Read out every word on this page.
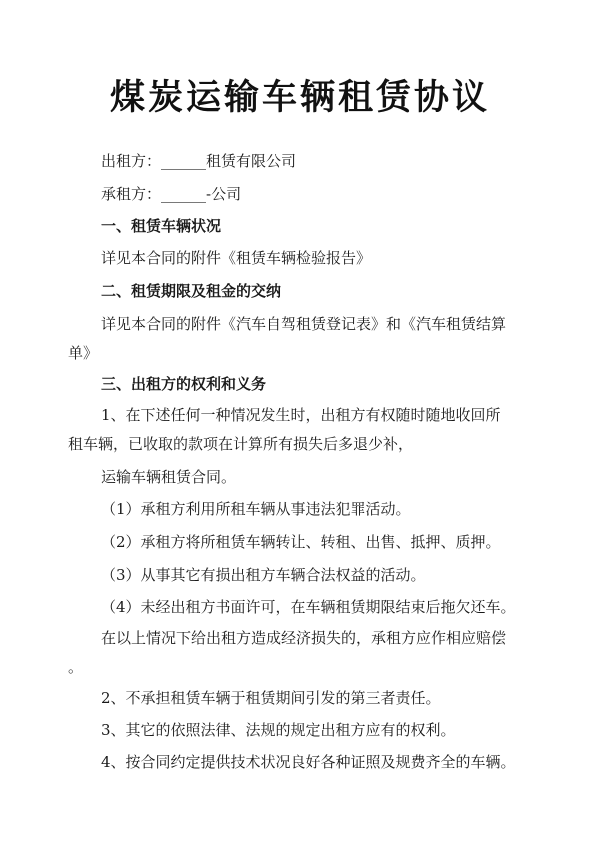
煤炭运输车辆租赁协议

出租方：______租赁有限公司

承租方：______-公司

一、租赁车辆状况

详见本合同的附件《租赁车辆检验报告》

二、租赁期限及租金的交纳

详见本合同的附件《汽车自驾租赁登记表》和《汽车租赁结算

单》

三、出租方的权利和义务

1、在下述任何一种情况发生时，出租方有权随时随地收回所

租车辆，已收取的款项在计算所有损失后多退少补，

运输车辆租赁合同。

（1）承租方利用所租车辆从事违法犯罪活动。

（2）承租方将所租赁车辆转让、转租、出售、抵押、质押。

（3）从事其它有损出租方车辆合法权益的活动。

（4）未经出租方书面许可，在车辆租赁期限结束后拖欠还车。

在以上情况下给出租方造成经济损失的，承租方应作相应赔偿

。

2、不承担租赁车辆于租赁期间引发的第三者责任。

3、其它的依照法律、法规的规定出租方应有的权利。

4、按合同约定提供技术状况良好各种证照及规费齐全的车辆。
